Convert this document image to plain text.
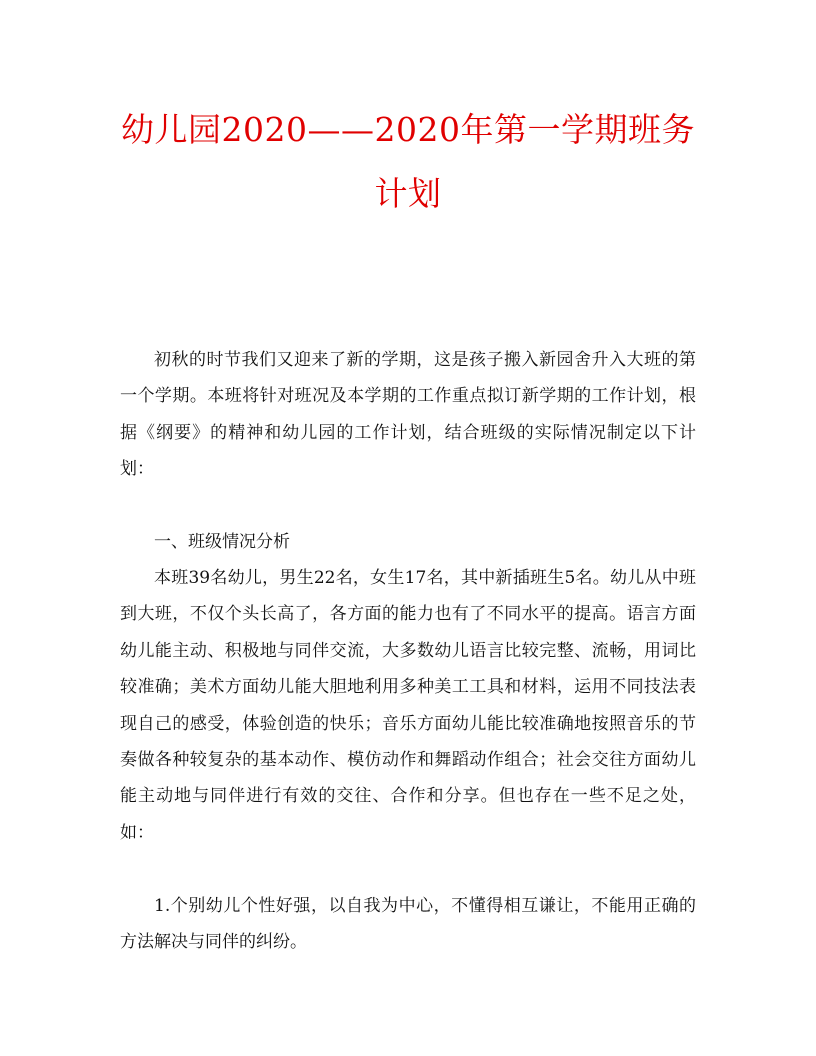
幼儿园2020——2020年第一学期班务
计划

初秋的时节我们又迎来了新的学期，这是孩子搬入新园舍升入大班的第一个学期。本班将针对班况及本学期的工作重点拟订新学期的工作计划，根据《纲要》的精神和幼儿园的工作计划，结合班级的实际情况制定以下计划：

一、班级情况分析

本班39名幼儿，男生22名，女生17名，其中新插班生5名。幼儿从中班到大班，不仅个头长高了，各方面的能力也有了不同水平的提高。语言方面幼儿能主动、积极地与同伴交流，大多数幼儿语言比较完整、流畅，用词比较准确；美术方面幼儿能大胆地利用多种美工工具和材料，运用不同技法表现自己的感受，体验创造的快乐；音乐方面幼儿能比较准确地按照音乐的节奏做各种较复杂的基本动作、模仿动作和舞蹈动作组合；社会交往方面幼儿能主动地与同伴进行有效的交往、合作和分享。但也存在一些不足之处，如：

1.个别幼儿个性好强，以自我为中心，不懂得相互谦让，不能用正确的方法解决与同伴的纠纷。
